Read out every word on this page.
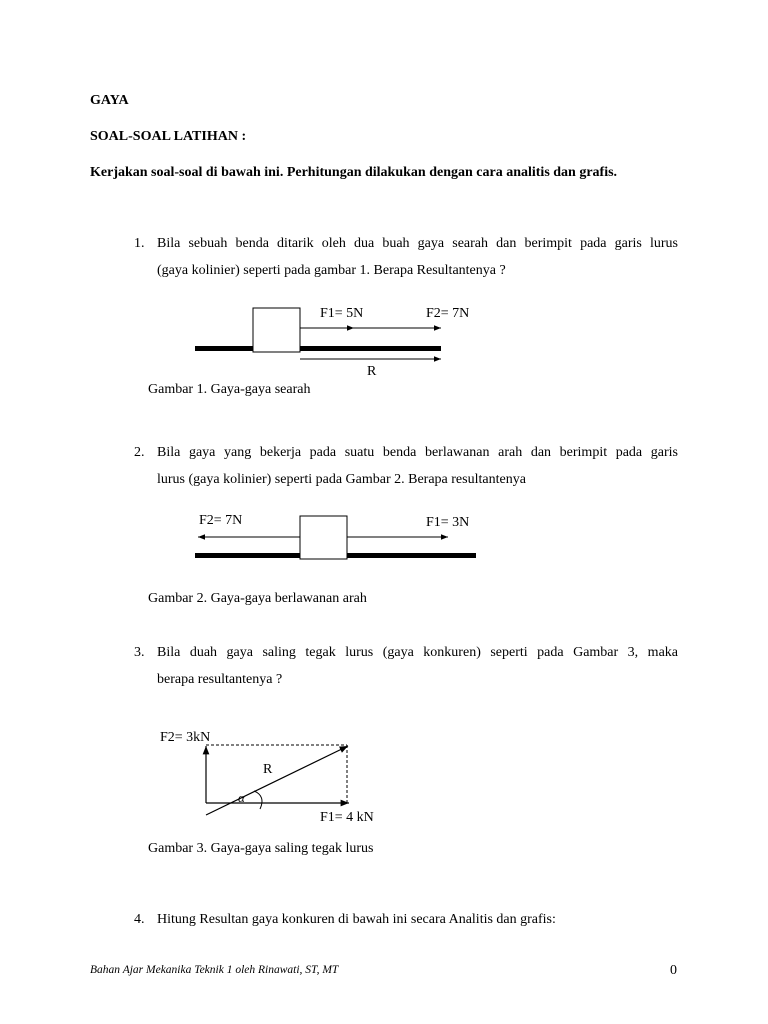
GAYA
SOAL-SOAL LATIHAN :
Kerjakan soal-soal di bawah ini. Perhitungan dilakukan dengan cara analitis dan grafis.
1. Bila sebuah benda ditarik oleh dua buah gaya searah dan berimpit pada garis lurus
(gaya kolinier) seperti pada gambar 1. Berapa Resultantenya ?
F1= 5N	F2= 7N
R
Gambar 1. Gaya-gaya searah
2. Bila gaya yang bekerja pada suatu benda berlawanan arah dan berimpit pada garis
lurus (gaya kolinier) seperti pada Gambar 2. Berapa resultantenya
F2= 7N	F1= 3N
Gambar 2. Gaya-gaya berlawanan arah
3. Bila duah gaya saling tegak lurus (gaya konkuren) seperti pada Gambar 3, maka
berapa resultantenya ?
F2= 3kN
R
α
F1= 4 kN
Gambar 3. Gaya-gaya saling tegak lurus
4. Hitung Resultan gaya konkuren di bawah ini secara Analitis dan grafis:
Bahan Ajar Mekanika Teknik 1 oleh Rinawati, ST, MT	0
